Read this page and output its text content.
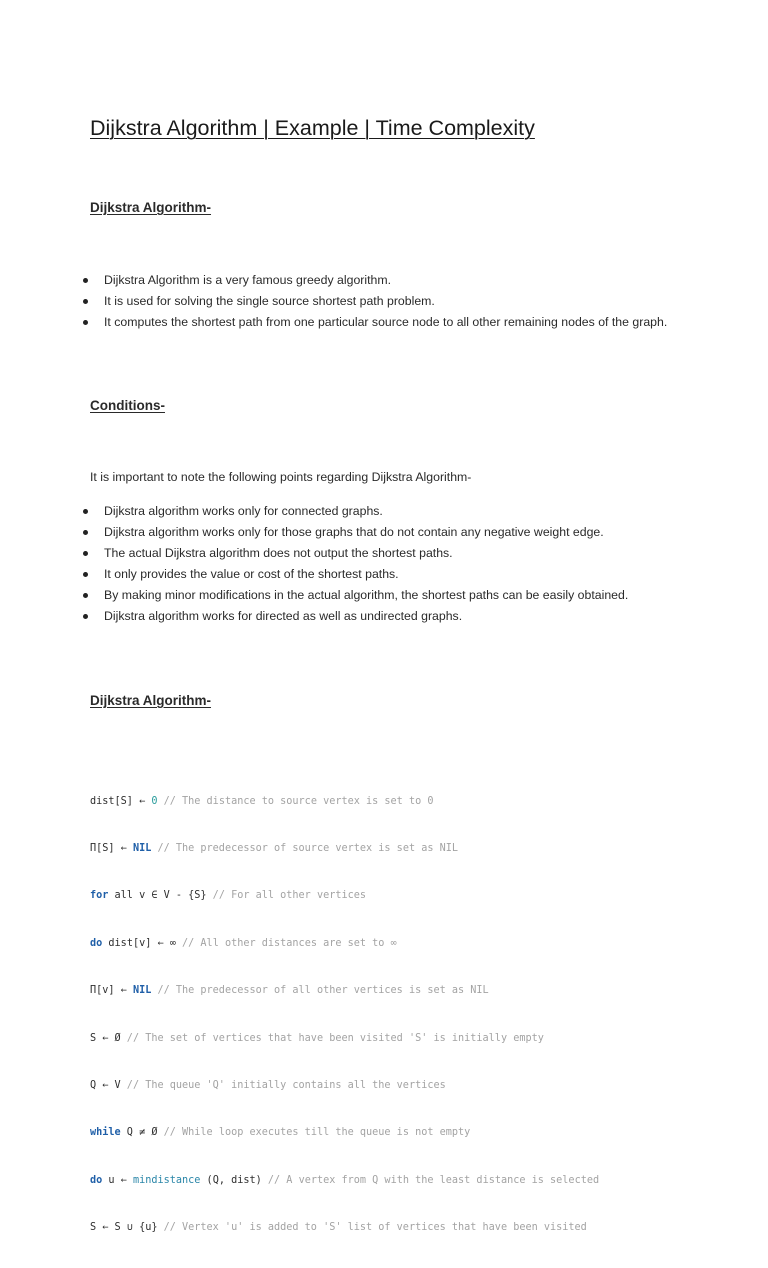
Dijkstra Algorithm | Example | Time Complexity
Dijkstra Algorithm-
Dijkstra Algorithm is a very famous greedy algorithm.
It is used for solving the single source shortest path problem.
It computes the shortest path from one particular source node to all other remaining nodes of the graph.
Conditions-

It is important to note the following points regarding Dijkstra Algorithm-

Dijkstra algorithm works only for connected graphs.
Dijkstra algorithm works only for those graphs that do not contain any negative weight edge.
The actual Dijkstra algorithm does not output the shortest paths.
It only provides the value or cost of the shortest paths.
By making minor modifications in the actual algorithm, the shortest paths can be easily obtained.
Dijkstra algorithm works for directed as well as undirected graphs.
Dijkstra Algorithm-

dist[S] ← 0 // The distance to source vertex is set to 0

Π[S] ← NIL // The predecessor of source vertex is set as NIL

for all v ∈ V - {S} // For all other vertices

do dist[v] ← ∞ // All other distances are set to ∞

Π[v] ← NIL // The predecessor of all other vertices is set as NIL

S ← Ø // The set of vertices that have been visited 'S' is initially empty

Q ← V // The queue 'Q' initially contains all the vertices

while Q ≠ Ø // While loop executes till the queue is not empty

do u ← mindistance (Q, dist) // A vertex from Q with the least distance is selected

S ← S ∪ {u} // Vertex 'u' is added to 'S' list of vertices that have been visited
